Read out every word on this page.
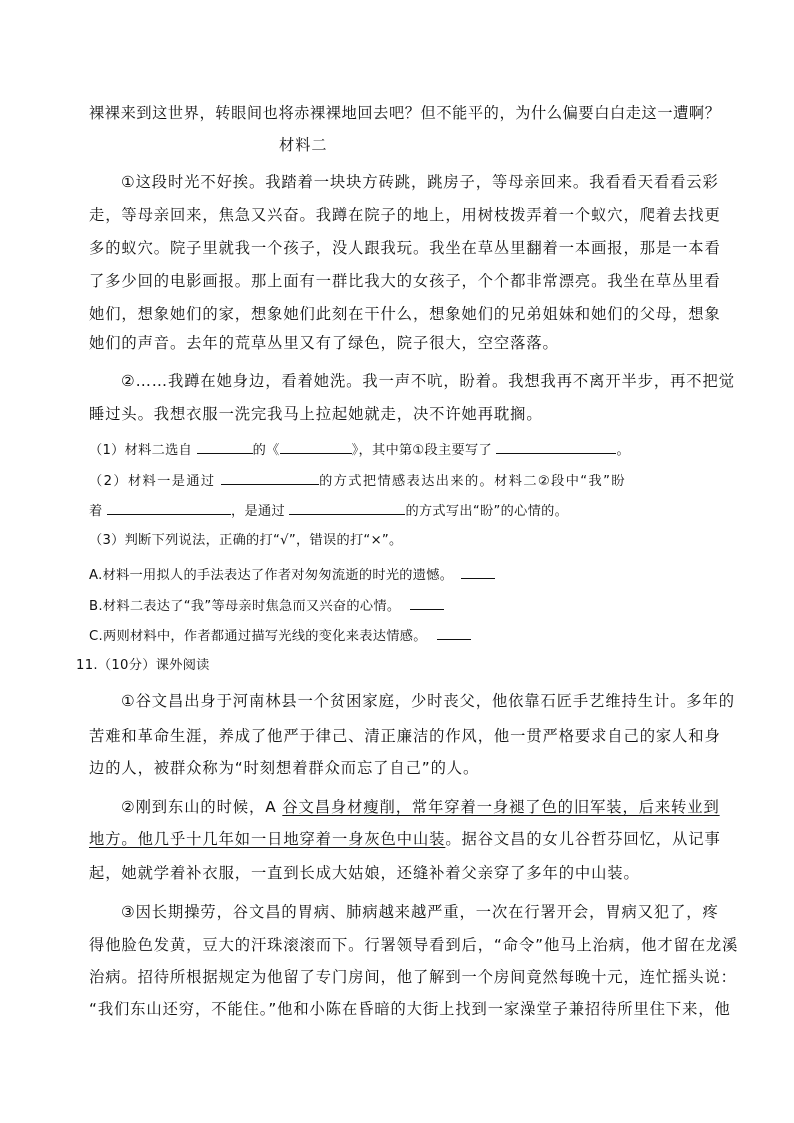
裸裸来到这世界，转眼间也将赤裸裸地回去吧？但不能平的，为什么偏要白白走这一遭啊？
材料二
①这段时光不好挨。我踏着一块块方砖跳，跳房子，等母亲回来。我看看天看看云彩
走，等母亲回来，焦急又兴奋。我蹲在院子的地上，用树枝拨弄着一个蚁穴，爬着去找更
多的蚁穴。院子里就我一个孩子，没人跟我玩。我坐在草丛里翻着一本画报，那是一本看
了多少回的电影画报。那上面有一群比我大的女孩子，个个都非常漂亮。我坐在草丛里看
她们，想象她们的家，想象她们此刻在干什么，想象她们的兄弟姐妹和她们的父母，想象
她们的声音。去年的荒草丛里又有了绿色，院子很大，空空落落。
②……我蹲在她身边，看着她洗。我一声不吭，盼着。我想我再不离开半步，再不把觉
睡过头。我想衣服一洗完我马上拉起她就走，决不许她再耽搁。
（1）材料二选自	的《	》，其中第①段主要写了	。
（2）材料一是通过	的方式把情感表达出来的。材料二②段中“我”盼
着	，是通过	的方式写出“盼”的心情的。
（3）判断下列说法，正确的打“√”，错误的打“×”。
A.材料一用拟人的手法表达了作者对匆匆流逝的时光的遗憾。
B.材料二表达了“我”等母亲时焦急而又兴奋的心情。
C.两则材料中，作者都通过描写光线的变化来表达情感。
11.（10分）课外阅读
①谷文昌出身于河南林县一个贫困家庭，少时丧父，他依靠石匠手艺维持生计。多年的
苦难和革命生涯，养成了他严于律己、清正廉洁的作风，他一贯严格要求自己的家人和身
边的人，被群众称为“时刻想着群众而忘了自己”的人。
②刚到东山的时候，A 谷文昌身材瘦削，常年穿着一身褪了色的旧军装，后来转业到
地方。他几乎十几年如一日地穿着一身灰色中山装。据谷文昌的女儿谷哲芬回忆，从记事
起，她就学着补衣服，一直到长成大姑娘，还缝补着父亲穿了多年的中山装。
③因长期操劳，谷文昌的胃病、肺病越来越严重，一次在行署开会，胃病又犯了，疼
得他脸色发黄，豆大的汗珠滚滚而下。行署领导看到后，“命令”他马上治病，他才留在龙溪
治病。招待所根据规定为他留了专门房间，他了解到一个房间竟然每晚十元，连忙摇头说：
“我们东山还穷，不能住。”他和小陈在昏暗的大街上找到一家澡堂子兼招待所里住下来，他
